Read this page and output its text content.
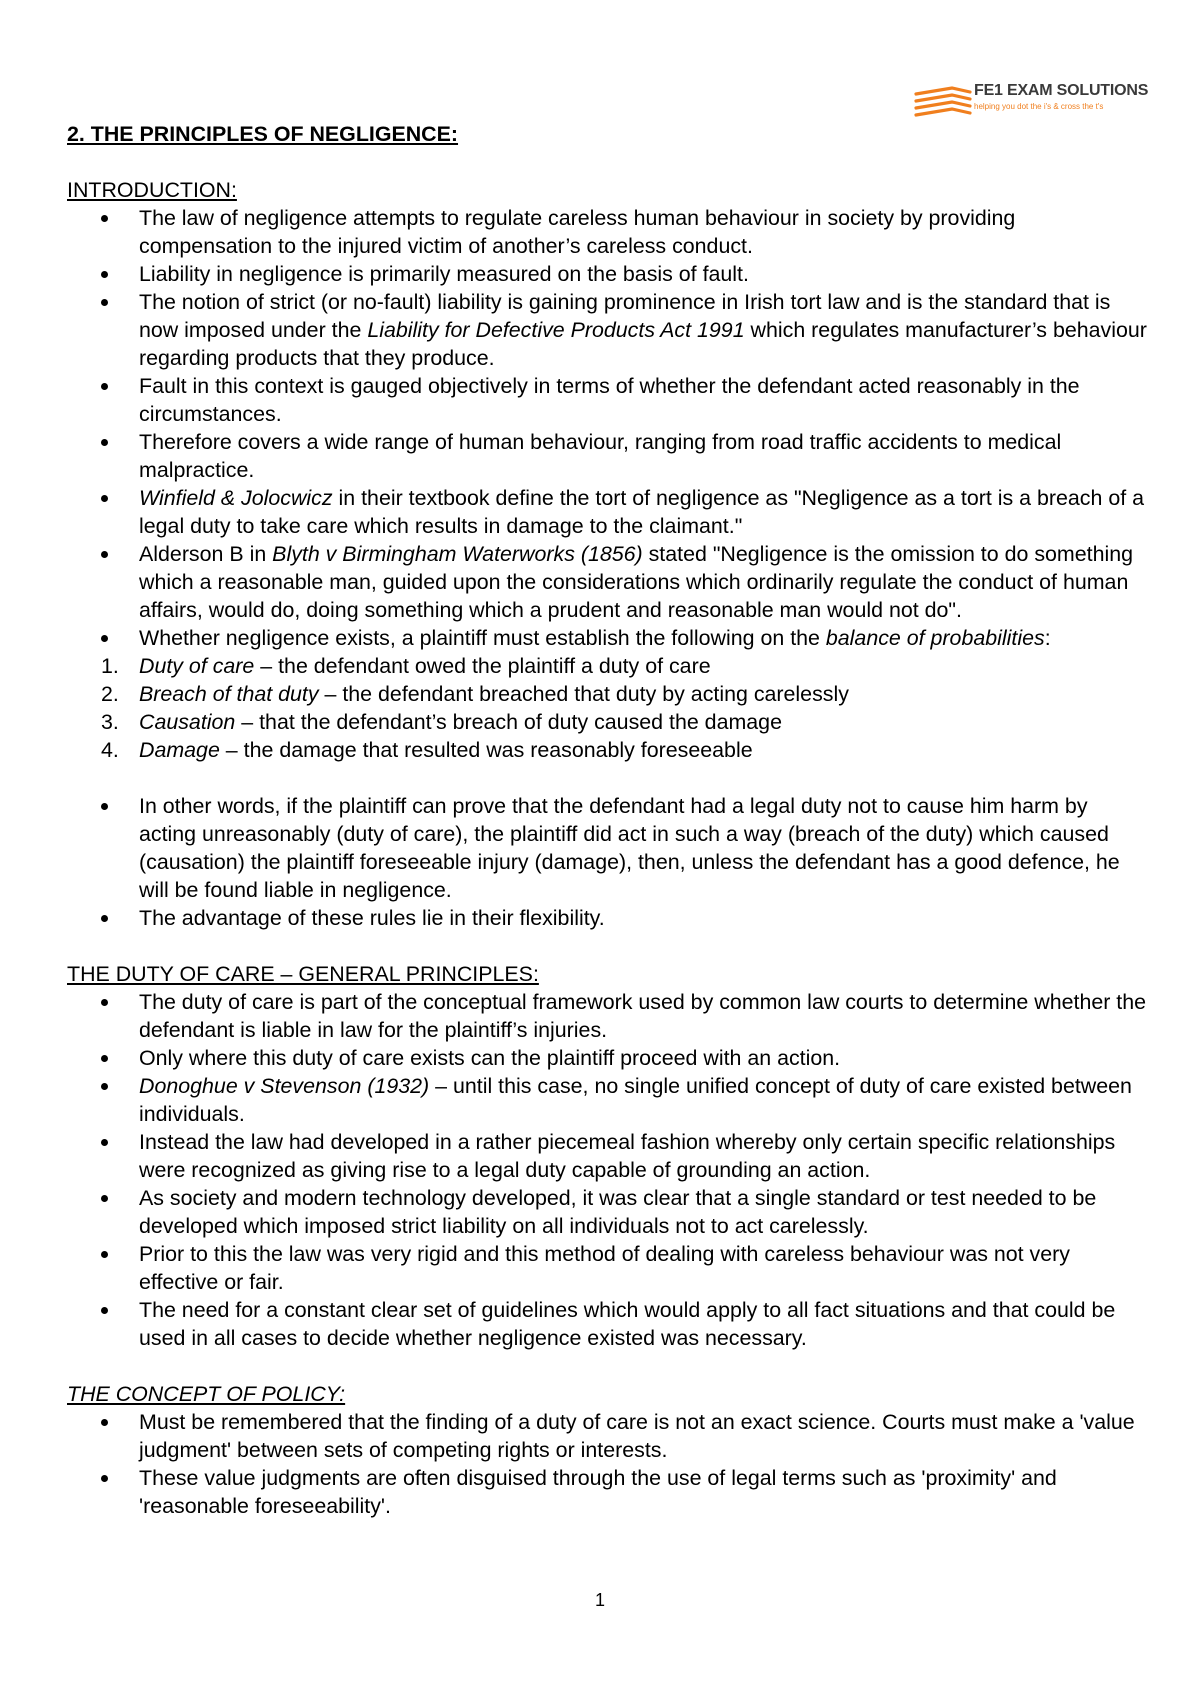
FE1 EXAM SOLUTIONS
helping you dot the i's & cross the t's
2. THE PRINCIPLES OF NEGLIGENCE:
INTRODUCTION:
The law of negligence attempts to regulate careless human behaviour in society by providing compensation to the injured victim of another’s careless conduct.
Liability in negligence is primarily measured on the basis of fault.
The notion of strict (or no-fault) liability is gaining prominence in Irish tort law and is the standard that is now imposed under the Liability for Defective Products Act 1991 which regulates manufacturer’s behaviour regarding products that they produce.
Fault in this context is gauged objectively in terms of whether the defendant acted reasonably in the circumstances.
Therefore covers a wide range of human behaviour, ranging from road traffic accidents to medical malpractice.
Winfield & Jolocwicz in their textbook define the tort of negligence as "Negligence as a tort is a breach of a legal duty to take care which results in damage to the claimant."
Alderson B in Blyth v Birmingham Waterworks (1856) stated "Negligence is the omission to do something which a reasonable man, guided upon the considerations which ordinarily regulate the conduct of human affairs, would do, doing something which a prudent and reasonable man would not do".
Whether negligence exists, a plaintiff must establish the following on the balance of probabilities:
1. Duty of care – the defendant owed the plaintiff a duty of care
2. Breach of that duty – the defendant breached that duty by acting carelessly
3. Causation – that the defendant’s breach of duty caused the damage
4. Damage – the damage that resulted was reasonably foreseeable
In other words, if the plaintiff can prove that the defendant had a legal duty not to cause him harm by acting unreasonably (duty of care), the plaintiff did act in such a way (breach of the duty) which caused (causation) the plaintiff foreseeable injury (damage), then, unless the defendant has a good defence, he will be found liable in negligence.
The advantage of these rules lie in their flexibility.
THE DUTY OF CARE – GENERAL PRINCIPLES:
The duty of care is part of the conceptual framework used by common law courts to determine whether the defendant is liable in law for the plaintiff’s injuries.
Only where this duty of care exists can the plaintiff proceed with an action.
Donoghue v Stevenson (1932) – until this case, no single unified concept of duty of care existed between individuals.
Instead the law had developed in a rather piecemeal fashion whereby only certain specific relationships were recognized as giving rise to a legal duty capable of grounding an action.
As society and modern technology developed, it was clear that a single standard or test needed to be developed which imposed strict liability on all individuals not to act carelessly.
Prior to this the law was very rigid and this method of dealing with careless behaviour was not very effective or fair.
The need for a constant clear set of guidelines which would apply to all fact situations and that could be used in all cases to decide whether negligence existed was necessary.
THE CONCEPT OF POLICY:
Must be remembered that the finding of a duty of care is not an exact science. Courts must make a 'value judgment' between sets of competing rights or interests.
These value judgments are often disguised through the use of legal terms such as 'proximity' and 'reasonable foreseeability'.
1
